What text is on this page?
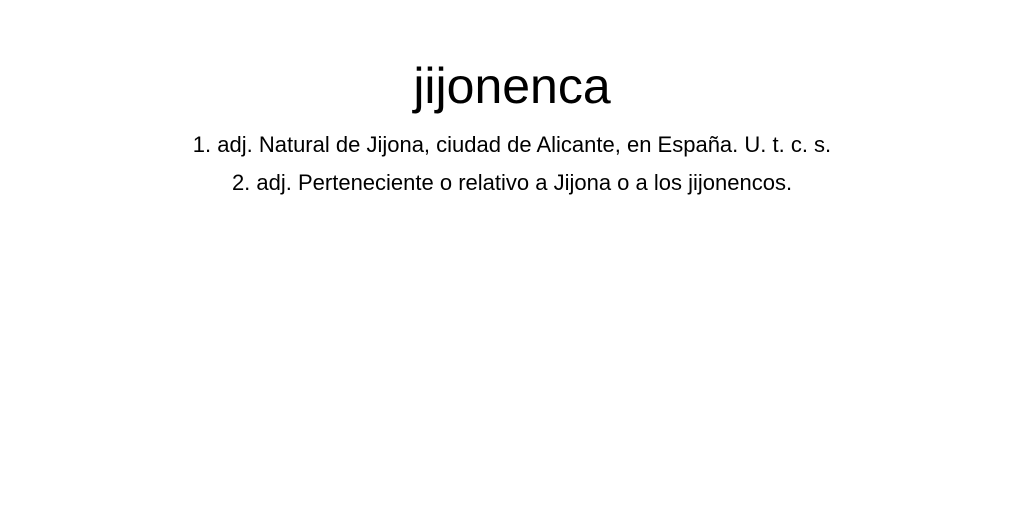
jijonenca

1. adj. Natural de Jijona, ciudad de Alicante, en España. U. t. c. s.

2. adj. Perteneciente o relativo a Jijona o a los jijonencos.
